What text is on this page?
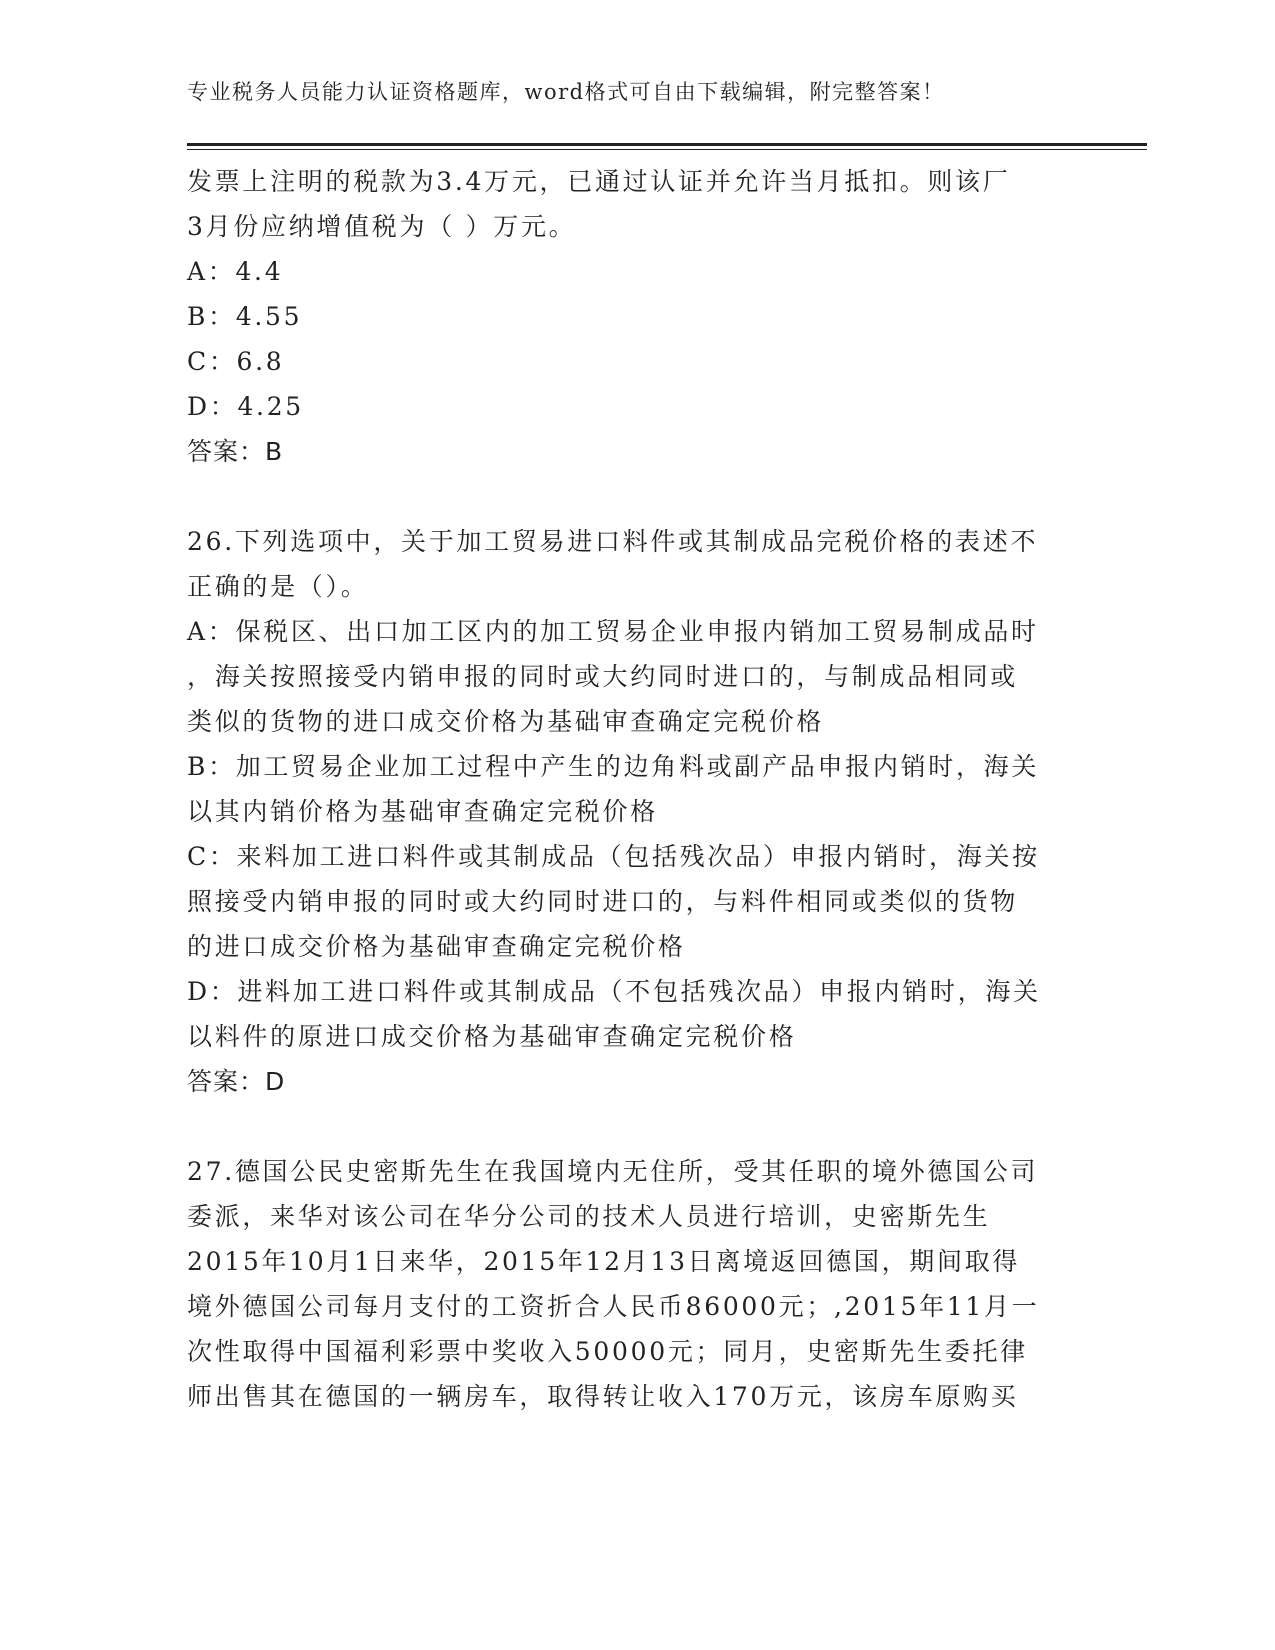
专业税务人员能力认证资格题库，word格式可自由下载编辑，附完整答案！
发票上注明的税款为3.4万元，已通过认证并允许当月抵扣。则该厂
3月份应纳增值税为（ ）万元。
A：4.4
B：4.55
C：6.8
D：4.25
答案：B
26.下列选项中，关于加工贸易进口料件或其制成品完税价格的表述不
正确的是（）。
A：保税区、出口加工区内的加工贸易企业申报内销加工贸易制成品时
，海关按照接受内销申报的同时或大约同时进口的，与制成品相同或
类似的货物的进口成交价格为基础审查确定完税价格
B：加工贸易企业加工过程中产生的边角料或副产品申报内销时，海关
以其内销价格为基础审查确定完税价格
C：来料加工进口料件或其制成品（包括残次品）申报内销时，海关按
照接受内销申报的同时或大约同时进口的，与料件相同或类似的货物
的进口成交价格为基础审查确定完税价格
D：进料加工进口料件或其制成品（不包括残次品）申报内销时，海关
以料件的原进口成交价格为基础审查确定完税价格
答案：D
27.德国公民史密斯先生在我国境内无住所，受其任职的境外德国公司
委派，来华对该公司在华分公司的技术人员进行培训，史密斯先生
2015年10月1日来华，2015年12月13日离境返回德国，期间取得
境外德国公司每月支付的工资折合人民币86000元；,2015年11月一
次性取得中国福利彩票中奖收入50000元；同月，史密斯先生委托律
师出售其在德国的一辆房车，取得转让收入170万元，该房车原购买
